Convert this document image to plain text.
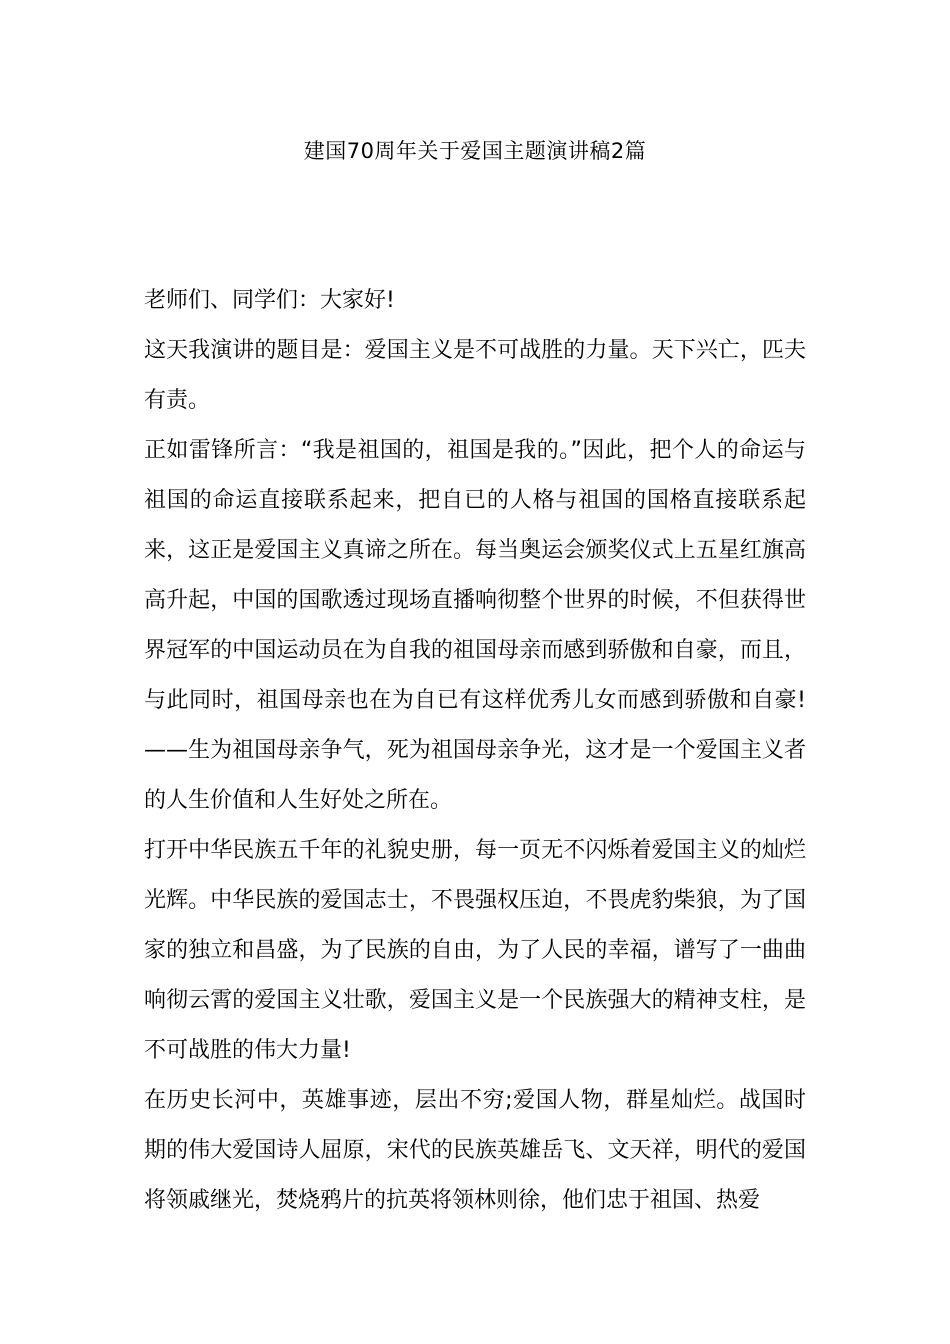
建国70周年关于爱国主题演讲稿2篇

老师们、同学们：大家好!

这天我演讲的题目是：爱国主义是不可战胜的力量。天下兴亡，匹夫有责。

正如雷锋所言：“我是祖国的，祖国是我的。”因此，把个人的命运与祖国的命运直接联系起来，把自已的人格与祖国的国格直接联系起来，这正是爱国主义真谛之所在。每当奥运会颁奖仪式上五星红旗高高升起，中国的国歌透过现场直播响彻整个世界的时候，不但获得世界冠军的中国运动员在为自我的祖国母亲而感到骄傲和自豪，而且，与此同时，祖国母亲也在为自已有这样优秀儿女而感到骄傲和自豪!——生为祖国母亲争气，死为祖国母亲争光，这才是一个爱国主义者的人生价值和人生好处之所在。

打开中华民族五千年的礼貌史册，每一页无不闪烁着爱国主义的灿烂光辉。中华民族的爱国志士，不畏强权压迫，不畏虎豹柴狼，为了国家的独立和昌盛，为了民族的自由，为了人民的幸福，谱写了一曲曲响彻云霄的爱国主义壮歌，爱国主义是一个民族强大的精神支柱，是不可战胜的伟大力量!

在历史长河中，英雄事迹，层出不穷;爱国人物，群星灿烂。战国时期的伟大爱国诗人屈原，宋代的民族英雄岳飞、文天祥，明代的爱国将领戚继光，焚烧鸦片的抗英将领林则徐，他们忠于祖国、热爱
